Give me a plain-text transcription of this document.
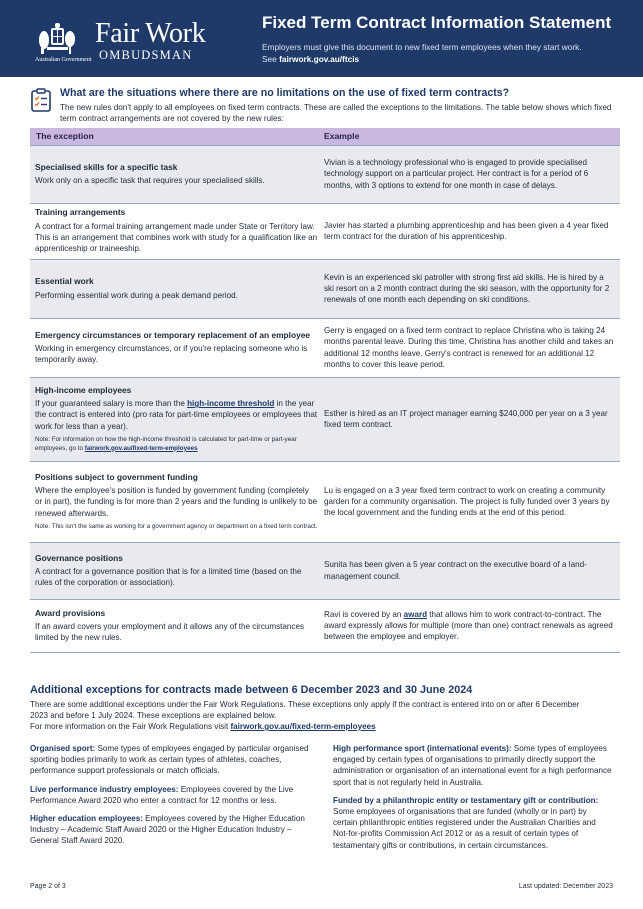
Australian Government
Fair Work
OMBUDSMAN
Fixed Term Contract Information Statement
Employers must give this document to new fixed term employees when they start work.
See fairwork.gov.au/ftcis
What are the situations where there are no limitations on the use of fixed term contracts?
The new rules don't apply to all employees on fixed term contracts. These are called the exceptions to the limitations. The table below shows which fixed term contract arrangements are not covered by the new rules:
The exception	Example
Specialised skills for a specific task
Work only on a specific task that requires your specialised skills.
Vivian is a technology professional who is engaged to provide specialised technology support on a particular project. Her contract is for a period of 6 months, with 3 options to extend for one month in case of delays.
Training arrangements
A contract for a formal training arrangement made under State or Territory law. This is an arrangement that combines work with study for a qualification like an apprenticeship or traineeship.
Javier has started a plumbing apprenticeship and has been given a 4 year fixed term contract for the duration of his apprenticeship.
Essential work
Performing essential work during a peak demand period.
Kevin is an experienced ski patroller with strong first aid skills. He is hired by a ski resort on a 2 month contract during the ski season, with the opportunity for 2 renewals of one month each depending on ski conditions.
Emergency circumstances or temporary replacement of an employee
Working in emergency circumstances, or if you're replacing someone who is temporarily away.
Gerry is engaged on a fixed term contract to replace Christina who is taking 24 months parental leave. During this time, Christina has another child and takes an additional 12 months leave. Gerry's contract is renewed for an additional 12 months to cover this leave period.
High-income employees
If your guaranteed salary is more than the high-income threshold in the year the contract is entered into (pro rata for part-time employees or employees that work for less than a year).
Note: For information on how the high-income threshold is calculated for part-time or part-year employees, go to fairwork.gov.au/fixed-term-employees
Esther is hired as an IT project manager earning $240,000 per year on a 3 year fixed term contract.
Positions subject to government funding
Where the employee's position is funded by government funding (completely or in part), the funding is for more than 2 years and the funding is unlikely to be renewed afterwards.
Note: This isn't the same as working for a government agency or department on a fixed term contract.
Lu is engaged on a 3 year fixed term contract to work on creating a community garden for a community organisation. The project is fully funded over 3 years by the local government and the funding ends at the end of this period.
Governance positions
A contract for a governance position that is for a limited time (based on the rules of the corporation or association).
Sunita has been given a 5 year contract on the executive board of a land-management council.
Award provisions
If an award covers your employment and it allows any of the circumstances limited by the new rules.
Ravi is covered by an award that allows him to work contract-to-contract. The award expressly allows for multiple (more than one) contract renewals as agreed between the employee and employer.
Additional exceptions for contracts made between 6 December 2023 and 30 June 2024
There are some additional exceptions under the Fair Work Regulations. These exceptions only apply if the contract is entered into on or after 6 December 2023 and before 1 July 2024. These exceptions are explained below.
For more information on the Fair Work Regulations visit fairwork.gov.au/fixed-term-employees
Organised sport: Some types of employees engaged by particular organised sporting bodies primarily to work as certain types of athletes, coaches, performance support professionals or match officials.
Live performance industry employees: Employees covered by the Live Performance Award 2020 who enter a contract for 12 months or less.
Higher education employees: Employees covered by the Higher Education Industry – Academic Staff Award 2020 or the Higher Education Industry – General Staff Award 2020.
High performance sport (international events): Some types of employees engaged by certain types of organisations to primarily directly support the administration or organisation of an international event for a high performance sport that is not regularly held in Australia.
Funded by a philanthropic entity or testamentary gift or contribution: Some employees of organisations that are funded (wholly or in part) by certain philanthropic entities registered under the Australian Charities and Not-for-profits Commission Act 2012 or as a result of certain types of testamentary gifts or contributions, in certain circumstances.
Page 2 of 3	Last updated: December 2023
